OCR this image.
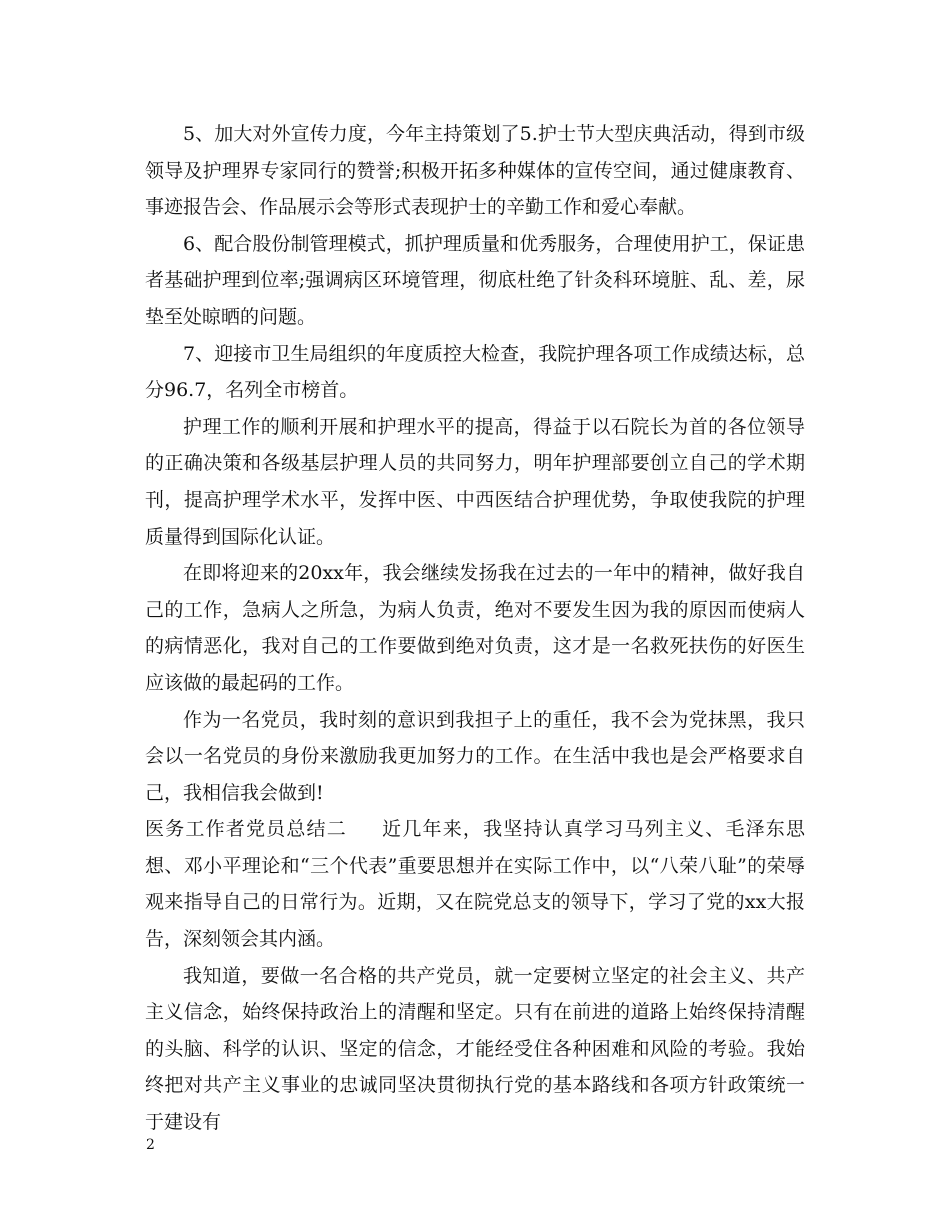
5、加大对外宣传力度，今年主持策划了5.护士节大型庆典活动，得到市级领导及护理界专家同行的赞誉;积极开拓多种媒体的宣传空间，通过健康教育、事迹报告会、作品展示会等形式表现护士的辛勤工作和爱心奉献。

6、配合股份制管理模式，抓护理质量和优秀服务，合理使用护工，保证患者基础护理到位率;强调病区环境管理，彻底杜绝了针灸科环境脏、乱、差，尿垫至处晾晒的问题。

7、迎接市卫生局组织的年度质控大检查，我院护理各项工作成绩达标，总分96.7，名列全市榜首。

护理工作的顺利开展和护理水平的提高，得益于以石院长为首的各位领导的正确决策和各级基层护理人员的共同努力，明年护理部要创立自己的学术期刊，提高护理学术水平，发挥中医、中西医结合护理优势，争取使我院的护理质量得到国际化认证。

在即将迎来的20xx年，我会继续发扬我在过去的一年中的精神，做好我自己的工作，急病人之所急，为病人负责，绝对不要发生因为我的原因而使病人的病情恶化，我对自己的工作要做到绝对负责，这才是一名救死扶伤的好医生应该做的最起码的工作。

作为一名党员，我时刻的意识到我担子上的重任，我不会为党抹黑，我只会以一名党员的身份来激励我更加努力的工作。在生活中我也是会严格要求自己，我相信我会做到!

医务工作者党员总结二 近几年来，我坚持认真学习马列主义、毛泽东思想、邓小平理论和“三个代表”重要思想并在实际工作中，以“八荣八耻”的荣辱观来指导自己的日常行为。近期，又在院党总支的领导下，学习了党的xx大报告，深刻领会其内涵。

我知道，要做一名合格的共产党员，就一定要树立坚定的社会主义、共产主义信念，始终保持政治上的清醒和坚定。只有在前进的道路上始终保持清醒的头脑、科学的认识、坚定的信念，才能经受住各种困难和风险的考验。我始终把对共产主义事业的忠诚同坚决贯彻执行党的基本路线和各项方针政策统一于建设有

2
